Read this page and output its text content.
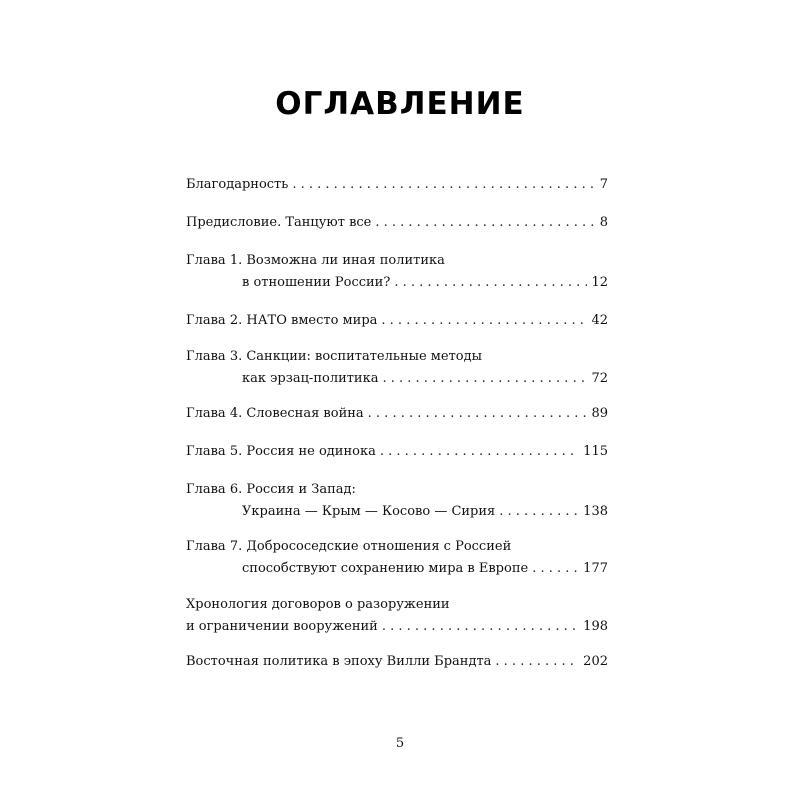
ОГЛАВЛЕНИЕ
Благодарность . . .	7
Предисловие. Танцуют все . . .	8
Глава 1. Возможна ли иная политика
в отношении России? . . .	12
Глава 2. НАТО вместо мира . . .	42
Глава 3. Санкции: воспитательные методы
как эрзац-политика . . .	72
Глава 4. Словесная война . . .	89
Глава 5. Россия не одинока . . .	115
Глава 6. Россия и Запад:
Украина — Крым — Косово — Сирия . . .	138
Глава 7. Добрососедские отношения с Россией
способствуют сохранению мира в Европе . . .	177
Хронология договоров о разоружении
и ограничении вооружений . . .	198
Восточная политика в эпоху Вилли Брандта . . .	202
5
